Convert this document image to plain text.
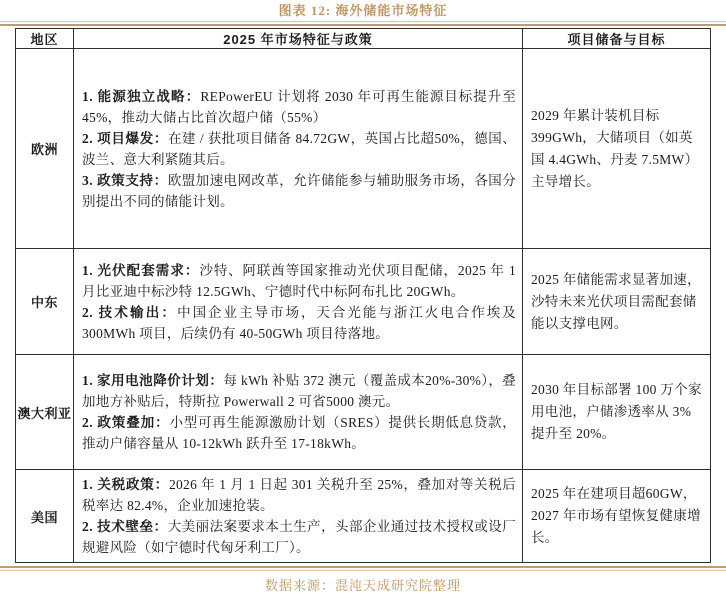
图表 12: 海外储能市场特征
地区	2025 年市场特征与政策	项目储备与目标
欧洲	1. 能源独立战略：REPowerEU 计划将 2030 年可再生能源目标提升至 45%，推动大储占比首次超户储（55%）

2. 项目爆发：在建 / 获批项目储备 84.72GW，英国占比超50%，德国、波兰、意大利紧随其后。

3. 政策支持：欧盟加速电网改革，允许储能参与辅助服务市场，各国分别提出不同的储能计划。	2029 年累计装机目标 399GWh，大储项目（如英国 4.4GWh、丹麦 7.5MW）主导增长。
中东	1. 光伏配套需求：沙特、阿联酋等国家推动光伏项目配储，2025 年 1 月比亚迪中标沙特 12.5GWh、宁德时代中标阿布扎比 20GWh。

2. 技术输出：中国企业主导市场，天合光能与浙江火电合作埃及 300MWh 项目，后续仍有 40-50GWh 项目待落地。	2025 年储能需求显著加速，沙特未来光伏项目需配套储能以支撑电网。
澳大利亚	1. 家用电池降价计划：每 kWh 补贴 372 澳元（覆盖成本20%-30%），叠加地方补贴后，特斯拉 Powerwall 2 可省5000 澳元。

2. 政策叠加：小型可再生能源激励计划（SRES）提供长期低息贷款，推动户储容量从 10-12kWh 跃升至 17-18kWh。	2030 年目标部署 100 万个家用电池，户储渗透率从 3% 提升至 20%。
美国	1. 关税政策：2026 年 1 月 1 日起 301 关税升至 25%，叠加对等关税后税率达 82.4%，企业加速抢装。

2. 技术壁垒：大美丽法案要求本土生产，头部企业通过技术授权或设厂规避风险（如宁德时代匈牙利工厂）。	2025 年在建项目超60GW，2027 年市场有望恢复健康增长。
数据来源：混沌天成研究院整理
